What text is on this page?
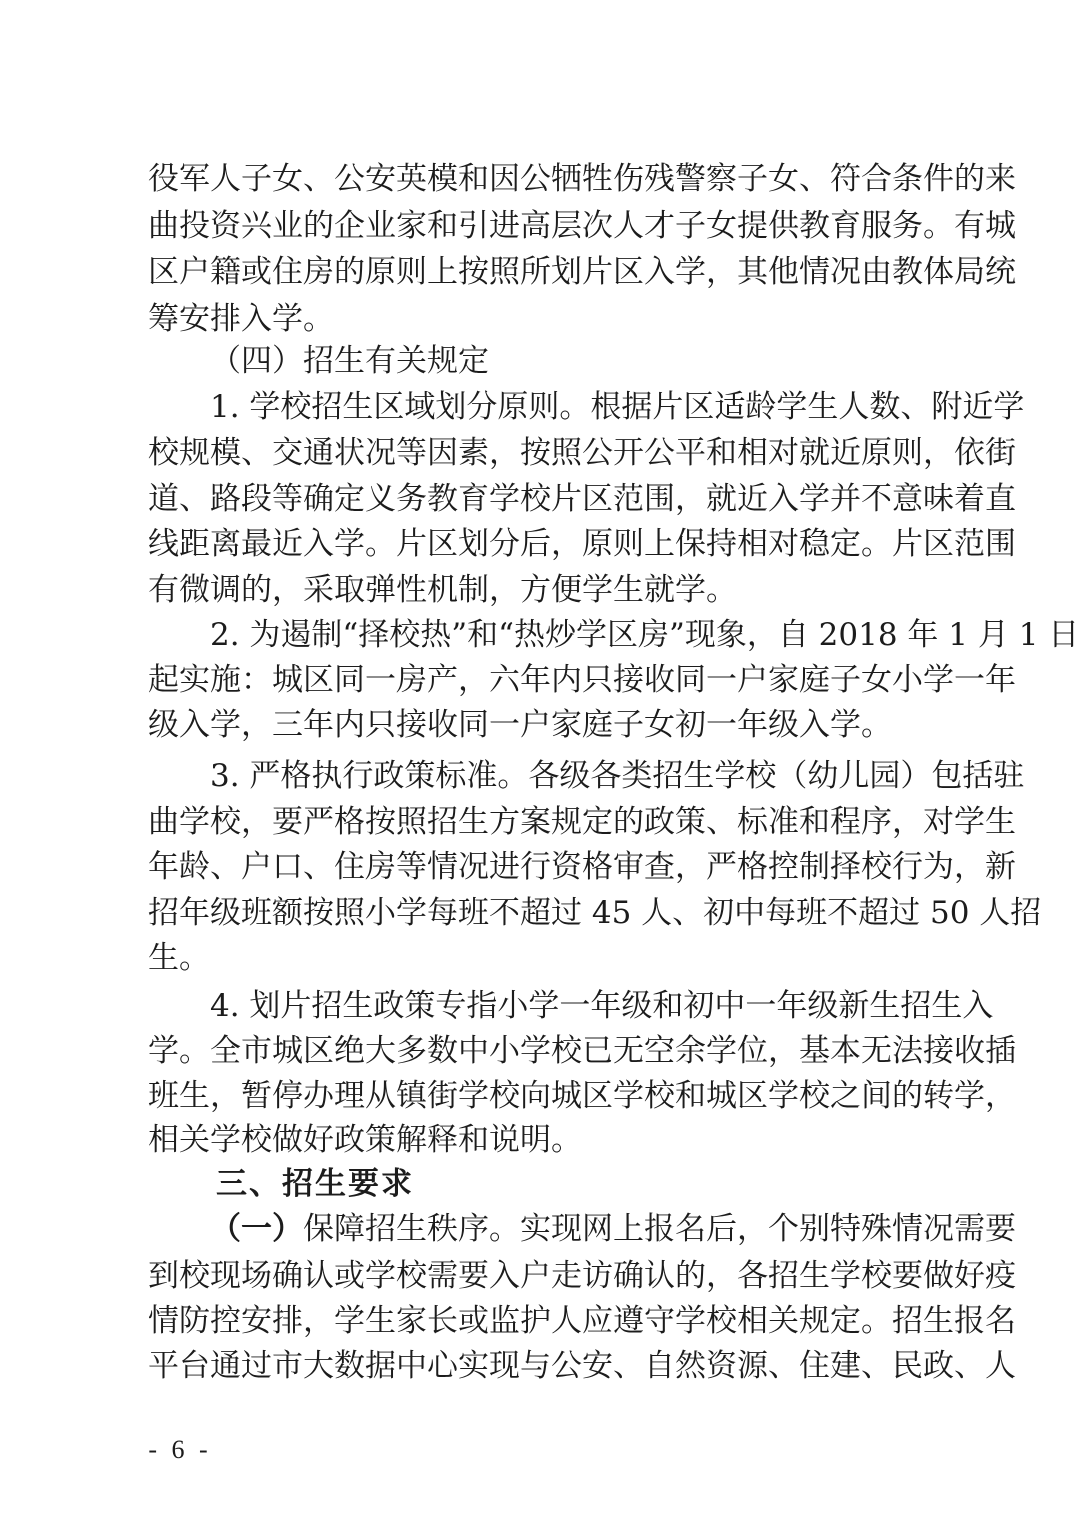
役军人子女、公安英模和因公牺牲伤残警察子女、符合条件的来
曲投资兴业的企业家和引进高层次人才子女提供教育服务。有城
区户籍或住房的原则上按照所划片区入学，其他情况由教体局统
筹安排入学。
（四）招生有关规定
1. 学校招生区域划分原则。根据片区适龄学生人数、附近学
校规模、交通状况等因素，按照公开公平和相对就近原则，依街
道、路段等确定义务教育学校片区范围，就近入学并不意味着直
线距离最近入学。片区划分后，原则上保持相对稳定。片区范围
有微调的，采取弹性机制，方便学生就学。
2. 为遏制“择校热”和“热炒学区房”现象，自 2018 年 1 月 1 日
起实施：城区同一房产，六年内只接收同一户家庭子女小学一年
级入学，三年内只接收同一户家庭子女初一年级入学。
3. 严格执行政策标准。各级各类招生学校（幼儿园）包括驻
曲学校，要严格按照招生方案规定的政策、标准和程序，对学生
年龄、户口、住房等情况进行资格审查，严格控制择校行为，新
招年级班额按照小学每班不超过 45 人、初中每班不超过 50 人招
生。
4. 划片招生政策专指小学一年级和初中一年级新生招生入
学。全市城区绝大多数中小学校已无空余学位，基本无法接收插
班生，暂停办理从镇街学校向城区学校和城区学校之间的转学，
相关学校做好政策解释和说明。
三、招生要求
（一）保障招生秩序。实现网上报名后，个别特殊情况需要
到校现场确认或学校需要入户走访确认的，各招生学校要做好疫
情防控安排，学生家长或监护人应遵守学校相关规定。招生报名
平台通过市大数据中心实现与公安、自然资源、住建、民政、人
- 6 -
